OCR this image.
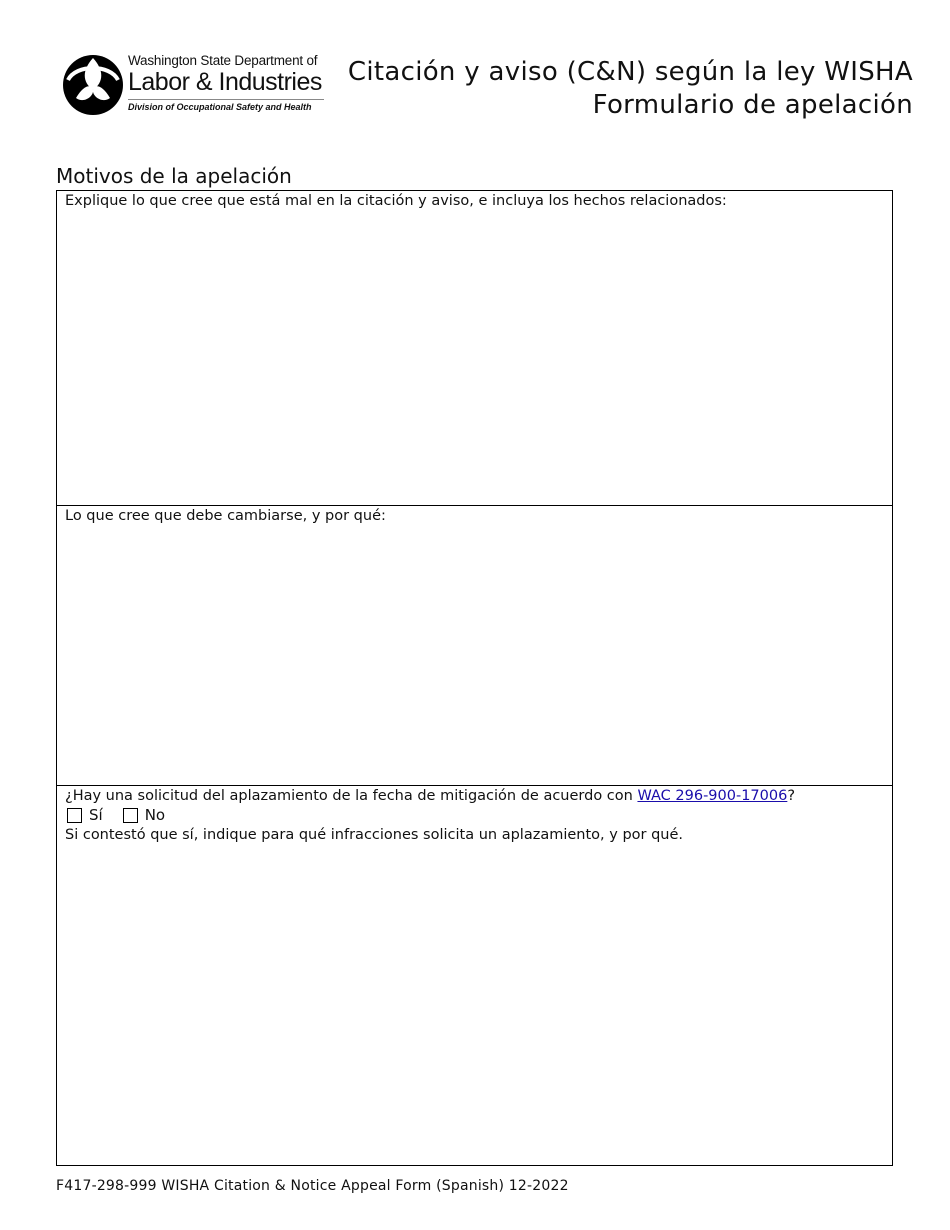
Washington State Department of
Labor & Industries
Division of Occupational Safety and Health
Citación y aviso (C&N) según la ley WISHA
Formulario de apelación
Motivos de la apelación
Explique lo que cree que está mal en la citación y aviso, e incluya los hechos relacionados:
Lo que cree que debe cambiarse, y por qué:
¿Hay una solicitud del aplazamiento de la fecha de mitigación de acuerdo con WAC 296-900-17006?
Sí	No
Si contestó que sí, indique para qué infracciones solicita un aplazamiento, y por qué.
F417-298-999 WISHA Citation & Notice Appeal Form (Spanish) 12-2022
